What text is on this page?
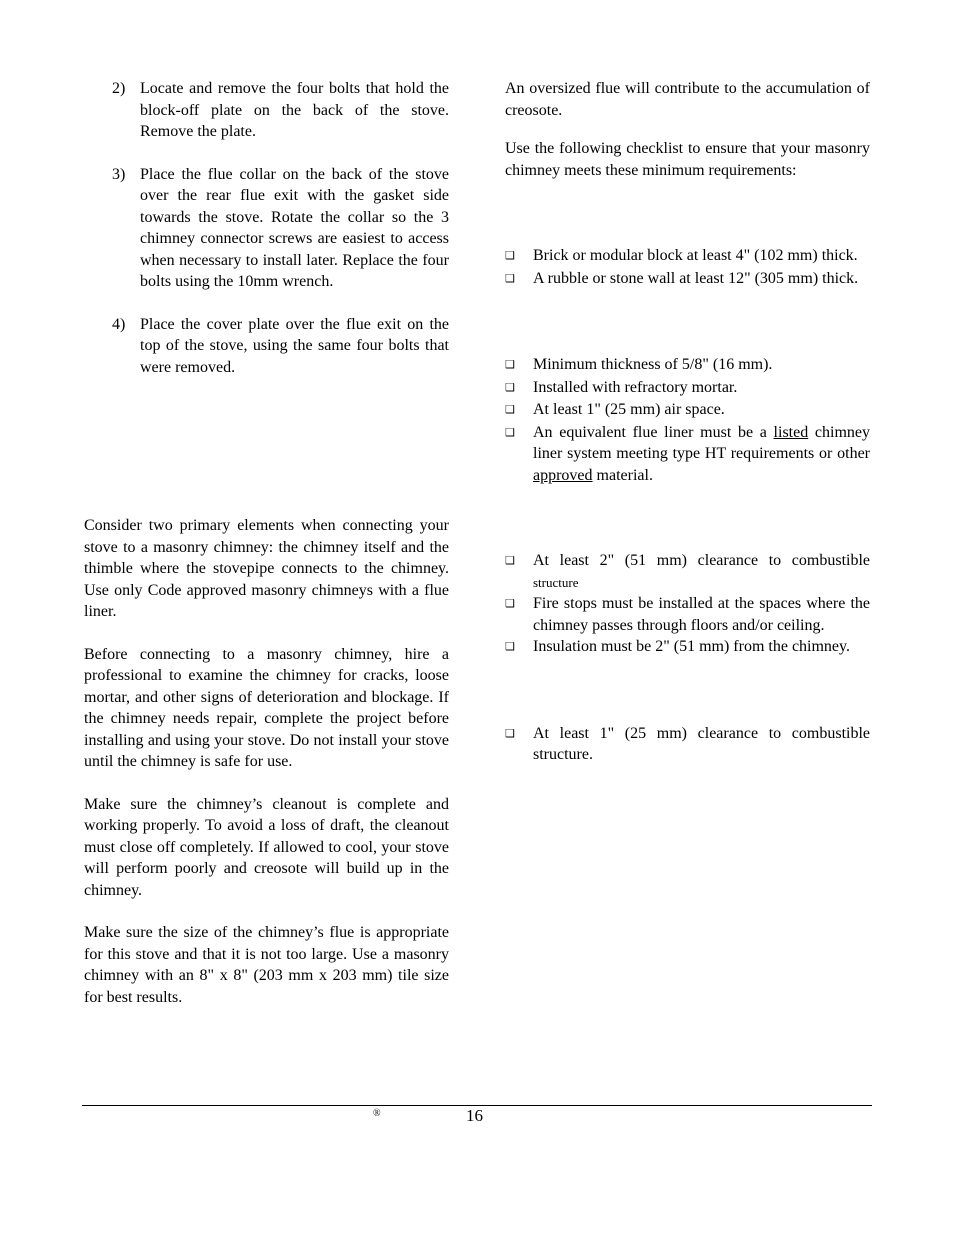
2) Locate and remove the four bolts that hold the block-off plate on the back of the stove. Remove the plate.
3) Place the flue collar on the back of the stove over the rear flue exit with the gasket side towards the stove. Rotate the collar so the 3 chimney connector screws are easiest to access when necessary to install later. Replace the four bolts using the 10mm wrench.
4) Place the cover plate over the flue exit on the top of the stove, using the same four bolts that were removed.

Consider two primary elements when connecting your stove to a masonry chimney: the chimney itself and the thimble where the stovepipe connects to the chimney. Use only Code approved masonry chimneys with a flue liner.

Before connecting to a masonry chimney, hire a professional to examine the chimney for cracks, loose mortar, and other signs of deterioration and blockage. If the chimney needs repair, complete the project before installing and using your stove. Do not install your stove until the chimney is safe for use.

Make sure the chimney’s cleanout is complete and working properly. To avoid a loss of draft, the cleanout must close off completely. If allowed to cool, your stove will perform poorly and creosote will build up in the chimney.

Make sure the size of the chimney’s flue is appropriate for this stove and that it is not too large. Use a masonry chimney with an 8" x 8" (203 mm x 203 mm) tile size for best results.

An oversized flue will contribute to the accumulation of creosote.

Use the following checklist to ensure that your masonry chimney meets these minimum requirements:

❑	Brick or modular block at least 4" (102 mm) thick.
❑	A rubble or stone wall at least 12" (305 mm) thick.
❑	Minimum thickness of 5/8" (16 mm).
❑	Installed with refractory mortar.
❑	At least 1" (25 mm) air space.
❑	An equivalent flue liner must be a listed chimney liner system meeting type HT requirements or other approved material.
❑	At least 2" (51 mm) clearance to combustible structure
❑	Fire stops must be installed at the spaces where the chimney passes through floors and/or ceiling.
❑	Insulation must be 2" (51 mm) from the chimney.
❑	At least 1" (25 mm) clearance to combustible structure.
®	16
